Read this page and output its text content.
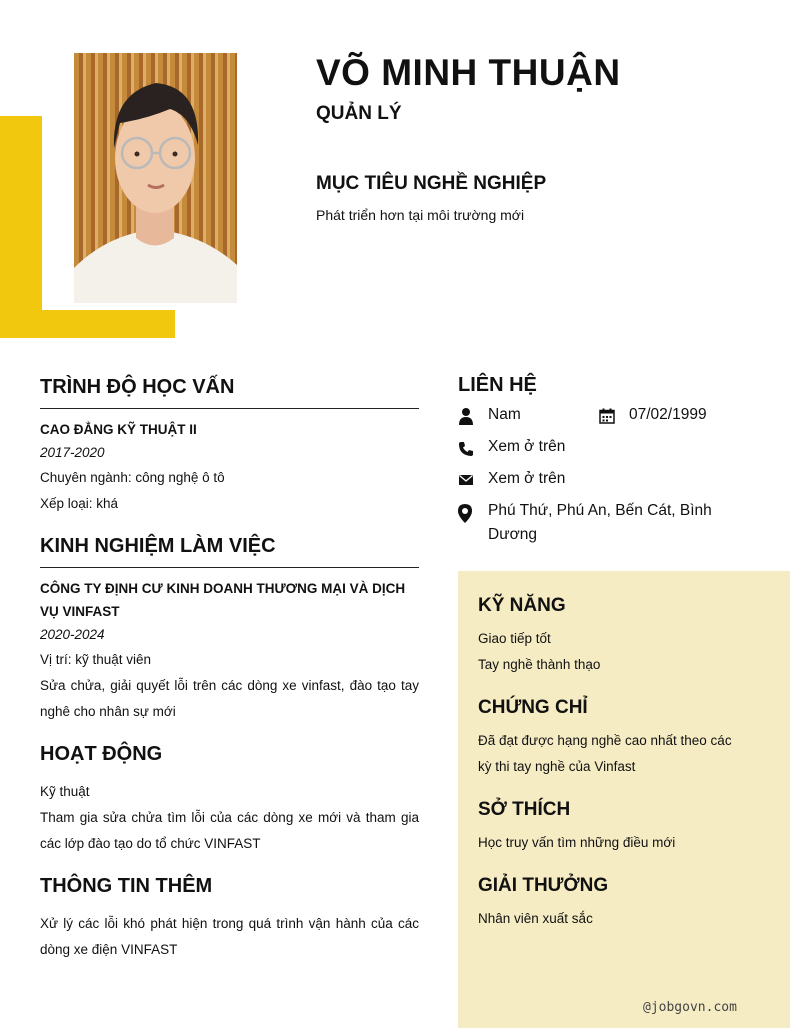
VÕ MINH THUẬN
QUẢN LÝ
MỤC TIÊU NGHỀ NGHIỆP
Phát triển hơn tại môi trường mới
TRÌNH ĐỘ HỌC VẤN
CAO ĐẲNG KỸ THUẬT II
2017-2020
Chuyên ngành: công nghệ ô tô
Xếp loại: khá
KINH NGHIỆM LÀM VIỆC
CÔNG TY ĐỊNH CƯ KINH DOANH THƯƠNG MẠI VÀ DỊCH VỤ VINFAST
2020-2024
Vị trí: kỹ thuật viên
Sửa chửa, giải quyết lỗi trên các dòng xe vinfast, đào tạo tay nghê cho nhân sự mới
HOẠT ĐỘNG
Kỹ thuật
Tham gia sửa chửa tìm lỗi của các dòng xe mới và tham gia các lớp đào tạo do tổ chức VINFAST
THÔNG TIN THÊM
Xử lý các lỗi khó phát hiện trong quá trình vận hành của các dòng xe điện VINFAST
LIÊN HỆ
Nam	07/02/1999
Xem ở trên
Xem ở trên
Phú Thứ, Phú An, Bến Cát, Bình Dương
KỸ NĂNG
Giao tiếp tốt
Tay nghề thành thạo
CHỨNG CHỈ
Đã đạt được hạng nghề cao nhất theo các kỳ thi tay nghề của Vinfast
SỞ THÍCH
Học truy vấn tìm những điều mới
GIẢI THƯỞNG
Nhân viên xuất sắc
@jobgovn.com
